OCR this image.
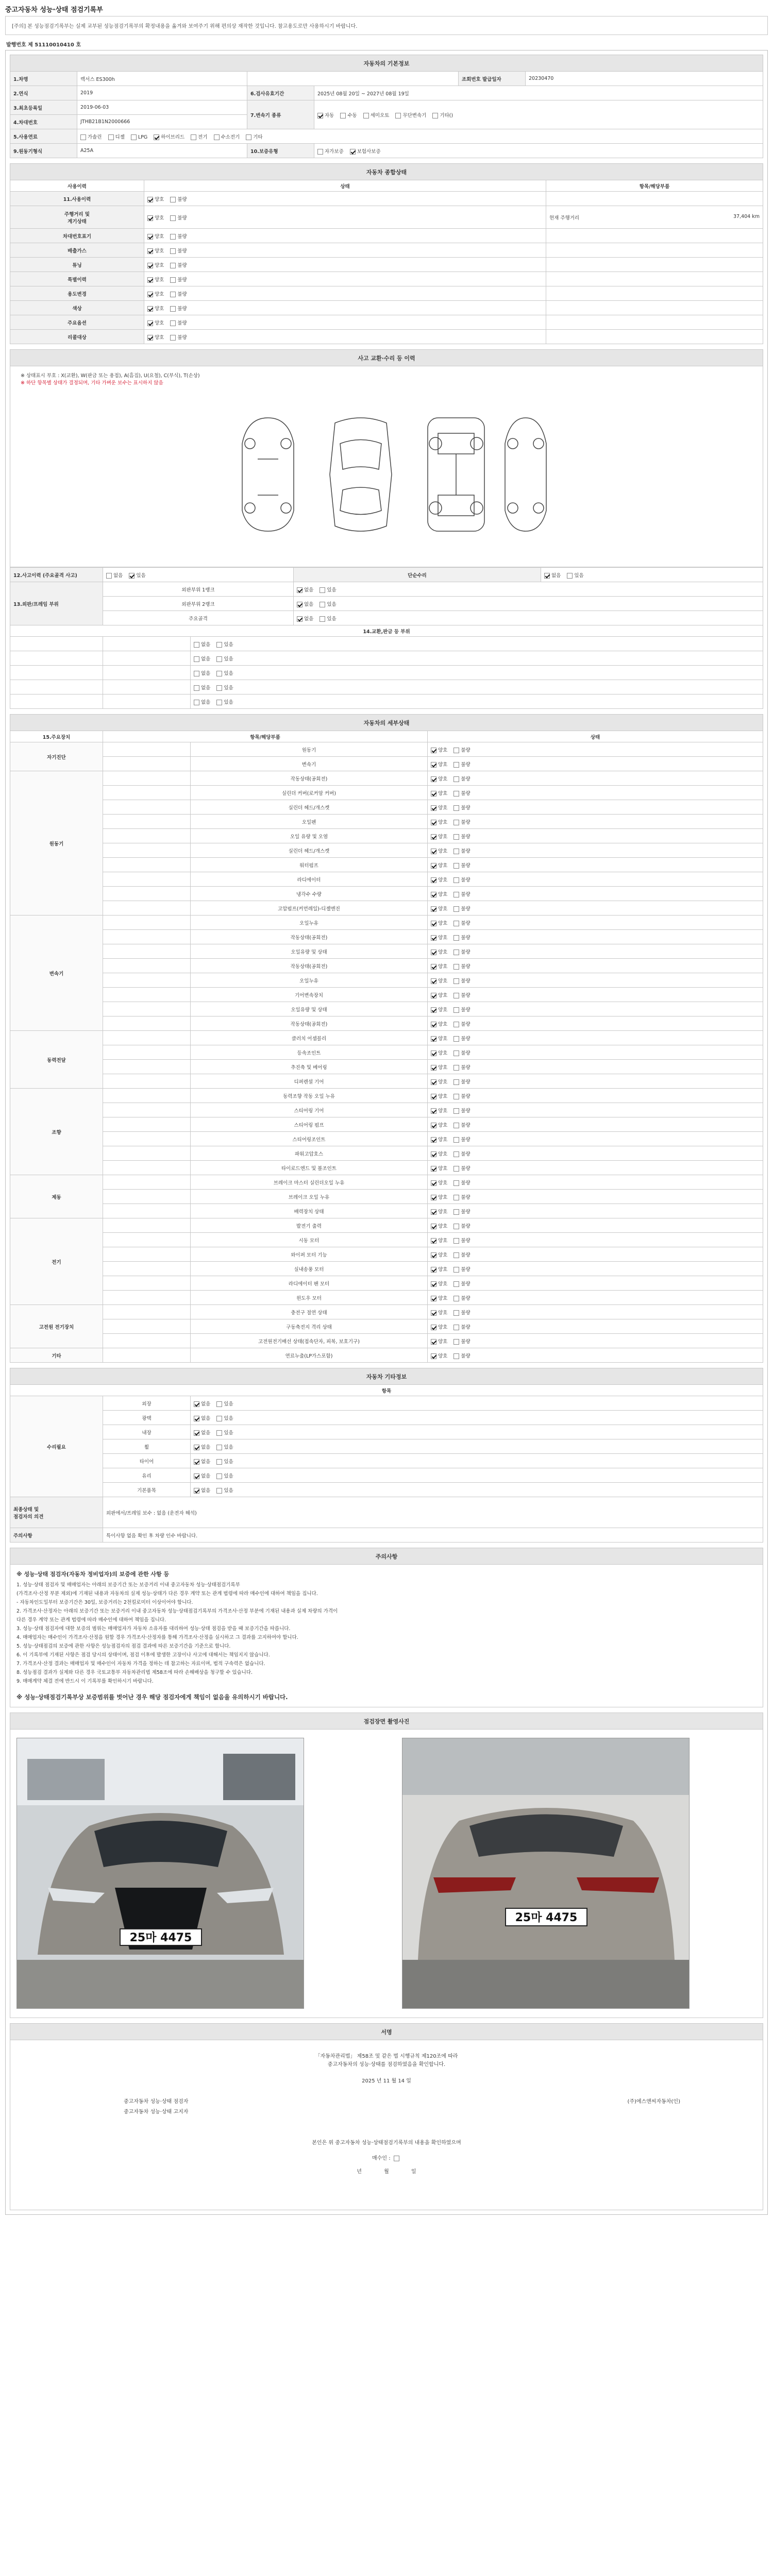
중고자동차 성능·상태 점검기록부
[주의] 본 성능점검기록부는 실제 교부된 성능점검기록부의 확정내용을 옮겨와 보여주기 위해 편의상 재작한 것입니다. 참고용도로만 사용하시기 바랍니다.
발행번호 제 51110010410 호
자동차의 기본정보					
1.차명	렉서스 ES300h			조회번호 발급일자	20230470
2.연식	2019	6.검사유효기간	2025년 08월 20일 ~ 2027년 08월 19일		
3.최초등록일	2019-06-03	7.변속기 종류	자동 수동 세미오토 무단변속기 기타()		
4.차대번호	JTHB21B1N2000666				
5.사용연료	가솔린 디젤 LPG 하이브리드 전기 수소전기 기타				
9.원동기형식	A25A	10.보증유형	자가보증 보험사보증		
자동차 종합상태		
사용이력	상태	항목/해당부품
11.사용이력	양호 불량	
주행거리 및
계기상태	양호 불량	현재 주행거리 37,404 km

차대번호표기	양호 불량	
배출가스	양호 불량	
튜닝	양호 불량	
특별이력	양호 불량	
용도변경	양호 불량	
색상	양호 불량	
주요옵션	양호 불량	
리콜대상	양호 불량	
사고 교환·수리 등 이력
※ 상태표시 부호 : X(교환), W(판금 또는 용접), A(흠집), U(요철), C(부식), T(손상)
※ 하단 항목별 상태가 결정되며, 기타 가벼운 보수는 표시하지 않음
12.사고이력 (주요골격 사고)	없음 있음		단순수리	없음 있음
13.외판/프레임 부위	외판부위 1랭크		없음 있음	
	외판부위 2랭크		없음 있음	
	주요골격		없음 있음	
14.교환,판금 등 부위				
		없음 있음		
		없음 있음		
		없음 있음		
		없음 있음		
		없음 있음		
자동차의 세부상태			
15.주요장치	항목/해당부품		상태
자기진단		원동기	양호 불량
		변속기	양호 불량
원동기		작동상태(공회전)	양호 불량
		실린더 커버(로커암 커버)	양호 불량
		실린더 헤드/개스켓	양호 불량
		오일펜	양호 불량
		오일 유량 및 오염	양호 불량
		실린더 헤드/개스켓	양호 불량
		워터펌프	양호 불량
		라디에이터	양호 불량
		냉각수 수량	양호 불량
		고압펌프(커먼레일)-디젤엔진	양호 불량
변속기		오일누유	양호 불량
		작동상태(공회전)	양호 불량
		오일유량 및 상태	양호 불량
		작동상태(공회전)	양호 불량
		오일누유	양호 불량
		기어변속장치	양호 불량
		오일유량 및 상태	양호 불량
		작동상태(공회전)	양호 불량
동력전달		클러치 어셈블리	양호 불량
		등속조인트	양호 불량
		추진축 및 베어링	양호 불량
		디퍼렌셜 기어	양호 불량
조향		동력조향 작동 오일 누유	양호 불량
		스티어링 기어	양호 불량
		스티어링 펌프	양호 불량
		스티어링조인트	양호 불량
		파워고압호스	양호 불량
		타이로드엔드 및 볼조인트	양호 불량
제동		브레이크 마스터 실린더오일 누유	양호 불량
		브레이크 오일 누유	양호 불량
		배력장치 상태	양호 불량
전기		발전기 출력	양호 불량
		시동 모터	양호 불량
		와이퍼 모터 기능	양호 불량
		실내송풍 모터	양호 불량
		라디에이터 팬 모터	양호 불량
		윈도우 모터	양호 불량
고전원 전기장치		충전구 절연 상태	양호 불량
		구동축전지 격리 상태	양호 불량
		고전원전기배선 상태(접속단자, 피복, 보호기구)	양호 불량
기타		연료누출(LP가스포함)	양호 불량
자동차 기타정보		
항목		
수리필요	외장	없음 있음
	광택	없음 있음
	내장	없음 있음
	휠	없음 있음
	타이어	없음 있음
	유리	없음 있음
	기본품목	없음 있음
최종상태 및
점검자의 의견	외판에서/프레임 보수 : 없음 (운전자 해석)	
주의사항	특이사항 없음 확인 후 차량 인수 바랍니다.	
주의사항
※ 성능·상태 점검자(자동차 정비업자)의 보증에 관한 사항 등
1. 성능·상태 점검자 및 매매업자는 아래의 보증기간 또는 보증거리 이내 중고자동차 성능·상태점검기록부
(가격조사·산정 부분 제외)에 기재된 내용과 자동차의 실제 성능·상태가 다른 경우 계약 또는 관계 법령에 따라 매수인에 대하여 책임을 집니다.
- 자동차인도일부터 보증기간은 30일, 보증거리는 2천킬로미터 이상이어야 합니다.
2. 가격조사·산정자는 아래의 보증기간 또는 보증거리 이내 중고자동차 성능·상태점검기록부의 가격조사·산정 부분에 기재된 내용과 실제 차량의 가격이
다른 경우 계약 또는 관계 법령에 따라 매수인에 대하여 책임을 집니다.
3. 성능·상태 점검자에 대한 보증의 범위는 매매업자가 자동차 소유자를 대리하여 성능·상태 점검을 받을 때 보증기간을 따릅니다.
4. 매매업자는 매수인이 가격조사·산정을 원할 경우 가격조사·산정자를 통해 가격조사·산정을 실시하고 그 결과를 고지하여야 합니다.
5. 성능·상태점검의 보증에 관한 사항은 성능점검자의 점검 결과에 따른 보증기간을 기준으로 합니다.
6. 이 기록부에 기재된 사항은 점검 당시의 상태이며, 점검 이후에 발생한 고장이나 사고에 대해서는 책임지지 않습니다.
7. 가격조사·산정 결과는 매매업자 및 매수인이 자동차 가격을 정하는 데 참고하는 자료이며, 법적 구속력은 없습니다.
8. 성능점검 결과가 실제와 다른 경우 국토교통부 자동차관리법 제58조에 따라 손해배상을 청구할 수 있습니다.
9. 매매계약 체결 전에 반드시 이 기록부를 확인하시기 바랍니다.
※ 성능·상태점검기록부상 보증범위를 벗어난 경우 해당 점검자에게 책임이 없음을 유의하시기 바랍니다.
점검장면 촬영사진
25마 4475
25마 4475
서명
「자동차관리법」 제58조 및 같은 법 시행규칙 제120조에 따라
중고자동차의 성능·상태를 점검하였음을 확인합니다.
2025 년 11 월 14 일
중고자동차 성능·상태 점검자
중고자동차 성능·상태 고지자
(주)에스앤씨자동차(인)
본인은 위 중고자동차 성능·상태점검기록부의 내용을 확인하였으며
매수인 :
년	월	일
